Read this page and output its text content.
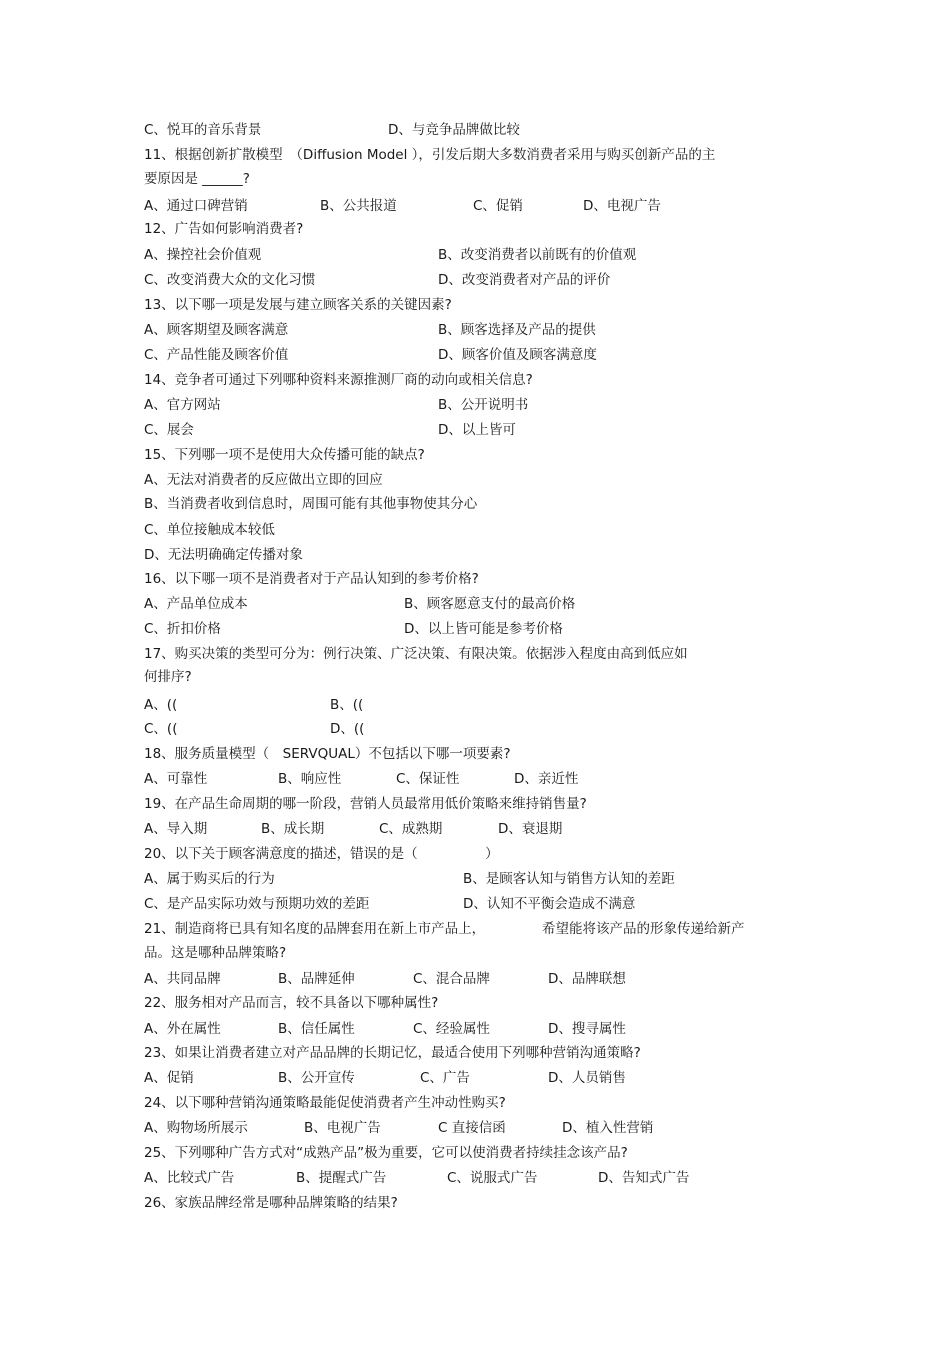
C、悦耳的音乐背景	D、与竞争品牌做比较
11、根据创新扩散模型　（Diffusion Model ），引发后期大多数消费者采用与购买创新产品的主
要原因是 ______?
A、通过口碑营销	B、公共报道	C、促销	D、电视广告
12、广告如何影响消费者?
A、操控社会价值观	B、改变消费者以前既有的价值观
C、改变消费大众的文化习惯	D、改变消费者对产品的评价
13、以下哪一项是发展与建立顾客关系的关键因素?
A、顾客期望及顾客满意	B、顾客选择及产品的提供
C、产品性能及顾客价值	D、顾客价值及顾客满意度
14、竞争者可通过下列哪种资料来源推测厂商的动向或相关信息?
A、官方网站	B、公开说明书
C、展会	D、以上皆可
15、下列哪一项不是使用大众传播可能的缺点?
A、无法对消费者的反应做出立即的回应
B、当消费者收到信息时，周围可能有其他事物使其分心
C、单位接触成本较低
D、无法明确确定传播对象
16、以下哪一项不是消费者对于产品认知到的参考价格?
A、产品单位成本	B、顾客愿意支付的最高价格
C、折扣价格	D、以上皆可能是参考价格
17、购买决策的类型可分为：例行决策、广泛决策、有限决策。依据涉入程度由高到低应如
何排序?
A、((	B、((
C、((	D、((
18、服务质量模型（　SERVQUAL）不包括以下哪一项要素?
A、可靠性	B、响应性	C、保证性	D、亲近性
19、在产品生命周期的哪一阶段，营销人员最常用低价策略来维持销售量?
A、导入期	B、成长期	C、成熟期	D、衰退期
20、以下关于顾客满意度的描述，错误的是（　　　　　）
A、属于购买后的行为	B、是顾客认知与销售方认知的差距
C、是产品实际功效与预期功效的差距	D、认知不平衡会造成不满意
21、制造商将已具有知名度的品牌套用在新上市产品上，	希望能将该产品的形象传递给新产
品。这是哪种品牌策略?
A、共同品牌	B、品牌延伸	C、混合品牌	D、品牌联想
22、服务相对产品而言，较不具备以下哪种属性?
A、外在属性	B、信任属性	C、经验属性	D、搜寻属性
23、如果让消费者建立对产品品牌的长期记忆，最适合使用下列哪种营销沟通策略?
A、促销	B、公开宣传	C、广告	D、人员销售
24、以下哪种营销沟通策略最能促使消费者产生冲动性购买?
A、购物场所展示	B、电视广告	C 直接信函	D、植入性营销
25、下列哪种广告方式对“成熟产品”极为重要，它可以使消费者持续挂念该产品?
A、比较式广告	B、提醒式广告	C、说服式广告	D、告知式广告
26、家族品牌经常是哪种品牌策略的结果?
